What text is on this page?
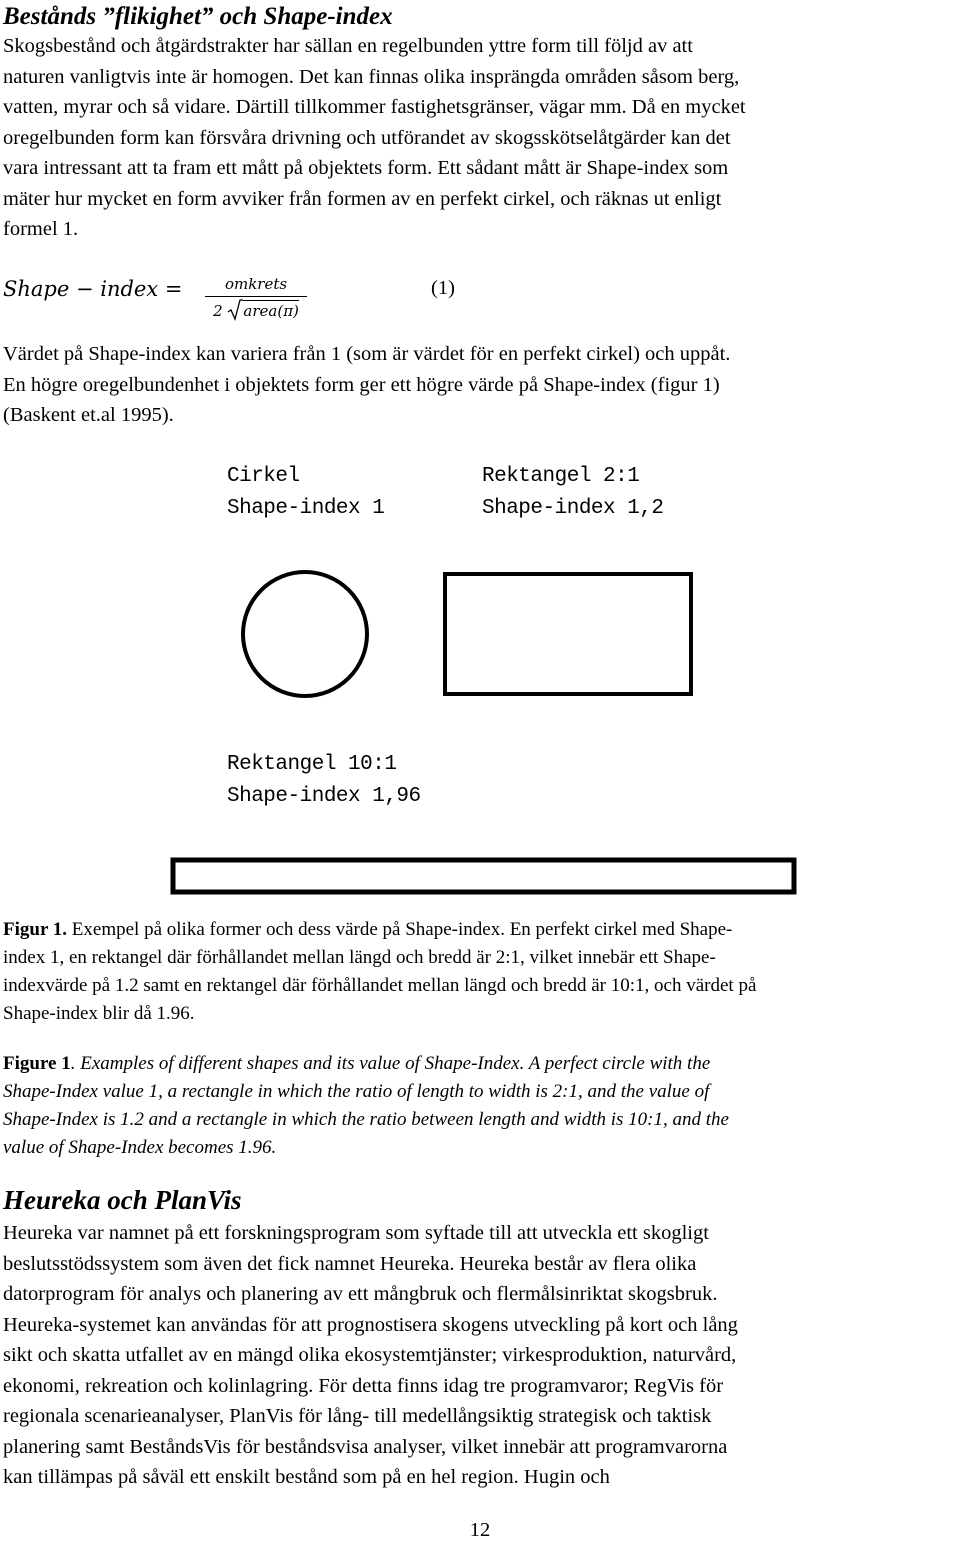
Bestånds ”flikighet” och Shape-index
Skogsbestånd och åtgärdstrakter har sällan en regelbunden yttre form till följd av att
naturen vanligtvis inte är homogen. Det kan finnas olika insprängda områden såsom berg,
vatten, myrar och så vidare. Därtill tillkommer fastighetsgränser, vägar mm. Då en mycket
oregelbunden form kan försvåra drivning och utförandet av skogsskötselåtgärder kan det
vara intressant att ta fram ett mått på objektets form. Ett sådant mått är Shape-index som
mäter hur mycket en form avviker från formen av en perfekt cirkel, och räknas ut enligt
formel 1.
Shape − index =	omkrets
2 area(π)
(1)
Värdet på Shape-index kan variera från 1 (som är värdet för en perfekt cirkel) och uppåt.
En högre oregelbundenhet i objektets form ger ett högre värde på Shape-index (figur 1)
(Baskent et.al 1995).
Cirkel
Shape-index 1
Rektangel 2:1
Shape-index 1,2
Rektangel 10:1
Shape-index 1,96
Figur 1. Exempel på olika former och dess värde på Shape-index. En perfekt cirkel med Shape-
index 1, en rektangel där förhållandet mellan längd och bredd är 2:1, vilket innebär ett Shape-
indexvärde på 1.2 samt en rektangel där förhållandet mellan längd och bredd är 10:1, och värdet på
Shape-index blir då 1.96.
Figure 1. Examples of different shapes and its value of Shape-Index. A perfect circle with the
Shape-Index value 1, a rectangle in which the ratio of length to width is 2:1, and the value of
Shape-Index is 1.2 and a rectangle in which the ratio between length and width is 10:1, and the
value of Shape-Index becomes 1.96.
Heureka och PlanVis
Heureka var namnet på ett forskningsprogram som syftade till att utveckla ett skogligt
beslutsstödssystem som även det fick namnet Heureka. Heureka består av flera olika
datorprogram för analys och planering av ett mångbruk och flermålsinriktat skogsbruk.
Heureka-systemet kan användas för att prognostisera skogens utveckling på kort och lång
sikt och skatta utfallet av en mängd olika ekosystemtjänster; virkesproduktion, naturvård,
ekonomi, rekreation och kolinlagring. För detta finns idag tre programvaror; RegVis för
regionala scenarieanalyser, PlanVis för lång- till medellångsiktig strategisk och taktisk
planering samt BeståndsVis för beståndsvisa analyser, vilket innebär att programvarorna
kan tillämpas på såväl ett enskilt bestånd som på en hel region. Hugin och
12
